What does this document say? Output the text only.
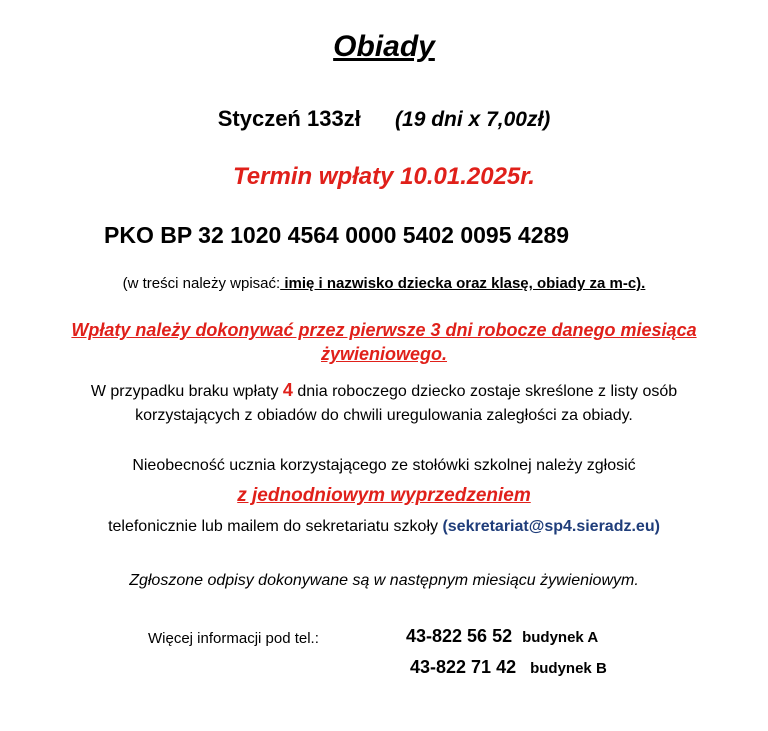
Obiady
Styczeń 133zł (19 dni x 7,00zł)
Termin wpłaty 10.01.2025r.
PKO BP 32 1020 4564 0000 5402 0095 4289
(w treści należy wpisać: imię i nazwisko dziecka oraz klasę, obiady za m-c).
Wpłaty należy dokonywać przez pierwsze 3 dni robocze danego miesiąca
żywieniowego.
W przypadku braku wpłaty 4 dnia roboczego dziecko zostaje skreślone z listy osób
korzystających z obiadów do chwili uregulowania zaległości za obiady.
Nieobecność ucznia korzystającego ze stołówki szkolnej należy zgłosić
z jednodniowym wyprzedzeniem
telefonicznie lub mailem do sekretariatu szkoły (sekretariat@sp4.sieradz.eu)
Zgłoszone odpisy dokonywane są w następnym miesiącu żywieniowym.
Więcej informacji pod tel.:	43-822 56 52 budynek A
43-822 71 42 budynek B
